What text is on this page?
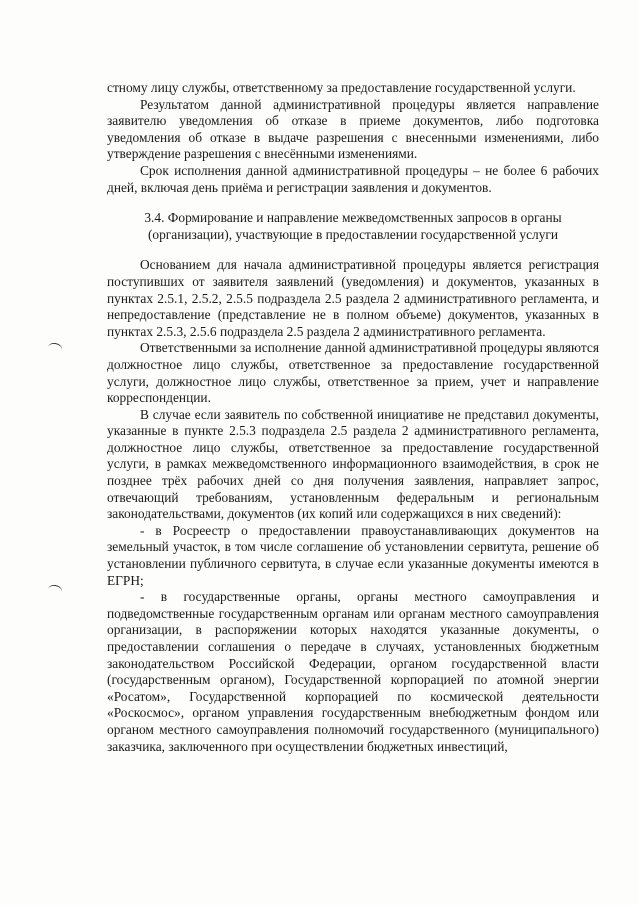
стному лицу службы, ответственному за предоставление государственной услуги.

Результатом данной административной процедуры является направление заявителю уведомления об отказе в приеме документов, либо подготовка уведомления об отказе в выдаче разрешения с внесенными изменениями, либо утверждение разрешения с внесёнными изменениями.

Срок исполнения данной административной процедуры – не более 6 рабочих дней, включая день приёма и регистрации заявления и документов.

3.4. Формирование и направление межведомственных запросов в органы (организации), участвующие в предоставлении государственной услуги

Основанием для начала административной процедуры является регистрация поступивших от заявителя заявлений (уведомления) и документов, указанных в пунктах 2.5.1, 2.5.2, 2.5.5 подраздела 2.5 раздела 2 административного регламента, и непредоставление (представление не в полном объеме) документов, указанных в пунктах 2.5.3, 2.5.6 подраздела 2.5 раздела 2 административного регламента.

Ответственными за исполнение данной административной процедуры являются должностное лицо службы, ответственное за предоставление государственной услуги, должностное лицо службы, ответственное за прием, учет и направление корреспонденции.

В случае если заявитель по собственной инициативе не представил документы, указанные в пункте 2.5.3 подраздела 2.5 раздела 2 административного регламента, должностное лицо службы, ответственное за предоставление государственной услуги, в рамках межведомственного информационного взаимодействия, в срок не позднее трёх рабочих дней со дня получения заявления, направляет запрос, отвечающий требованиям, установленным федеральным и региональным законодательствами, документов (их копий или содержащихся в них сведений):

- в Росреестр о предоставлении правоустанавливающих документов на земельный участок, в том числе соглашение об установлении сервитута, решение об установлении публичного сервитута, в случае если указанные документы имеются в ЕГРН;

- в государственные органы, органы местного самоуправления и подведомственные государственным органам или органам местного самоуправления организации, в распоряжении которых находятся указанные документы, о предоставлении соглашения о передаче в случаях, установленных бюджетным законодательством Российской Федерации, органом государственной власти (государственным органом), Государственной корпорацией по атомной энергии «Росатом», Государственной корпорацией по космической деятельности «Роскосмос», органом управления государственным внебюджетным фондом или органом местного самоуправления полномочий государственного (муниципального) заказчика, заключенного при осуществлении бюджетных инвестиций,
